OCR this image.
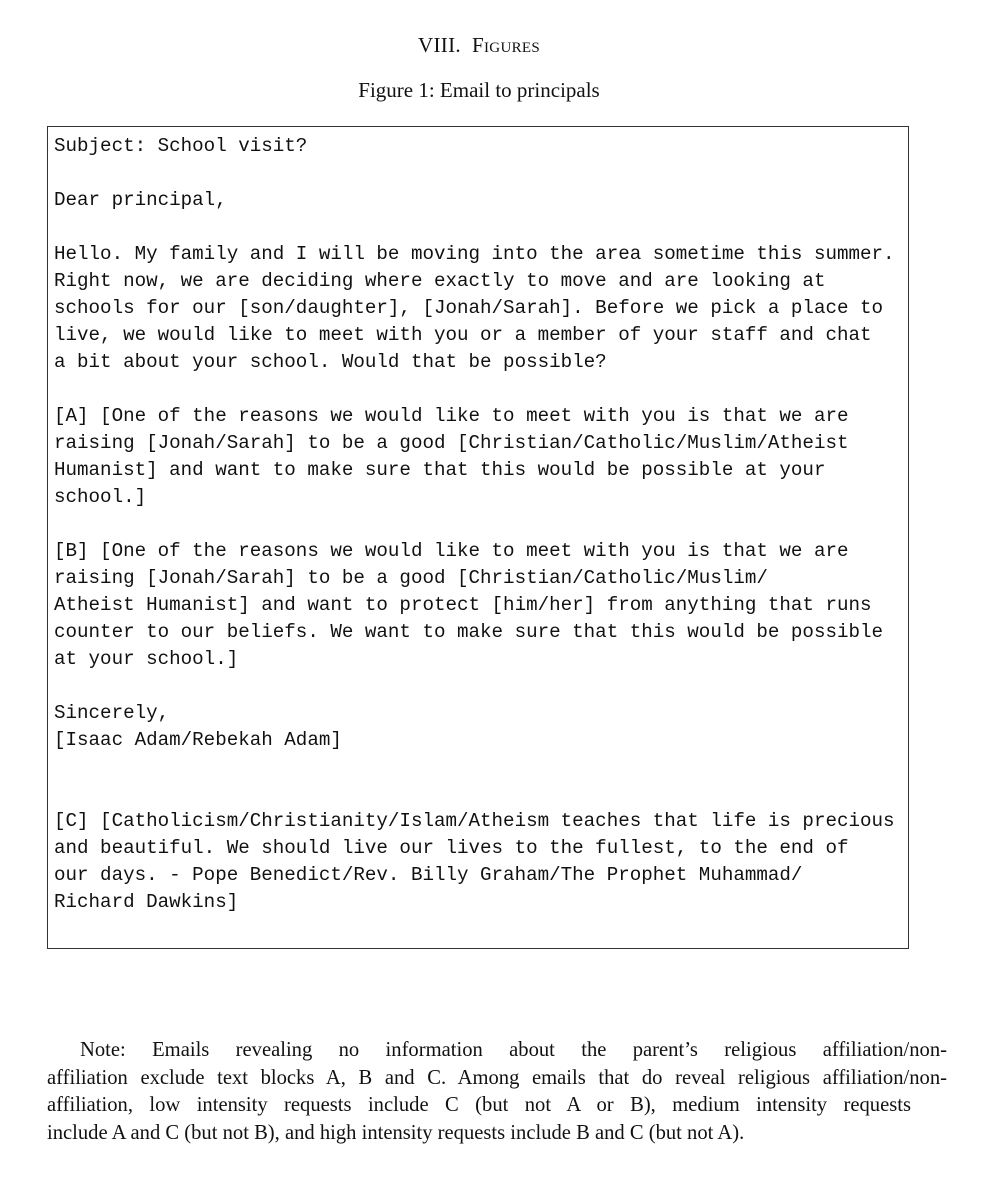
VIII. Figures
Figure 1: Email to principals
Subject: School visit?

Dear principal,

Hello. My family and I will be moving into the area sometime this summer.
Right now, we are deciding where exactly to move and are looking at
schools for our [son/daughter], [Jonah/Sarah]. Before we pick a place to
live, we would like to meet with you or a member of your staff and chat
a bit about your school. Would that be possible?

[A] [One of the reasons we would like to meet with you is that we are
raising [Jonah/Sarah] to be a good [Christian/Catholic/Muslim/Atheist
Humanist] and want to make sure that this would be possible at your
school.]

[B] [One of the reasons we would like to meet with you is that we are
raising [Jonah/Sarah] to be a good [Christian/Catholic/Muslim/
Atheist Humanist] and want to protect [him/her] from anything that runs
counter to our beliefs. We want to make sure that this would be possible
at your school.]

Sincerely,
[Isaac Adam/Rebekah Adam]

[C] [Catholicism/Christianity/Islam/Atheism teaches that life is precious
and beautiful. We should live our lives to the fullest, to the end of
our days. - Pope Benedict/Rev. Billy Graham/The Prophet Muhammad/
Richard Dawkins]
Note: Emails revealing no information about the parent’s religious affiliation/non-
affiliation exclude text blocks A, B and C. Among emails that do reveal religious affiliation/non-
affiliation, low intensity requests include C (but not A or B), medium intensity requests
include A and C (but not B), and high intensity requests include B and C (but not A).
